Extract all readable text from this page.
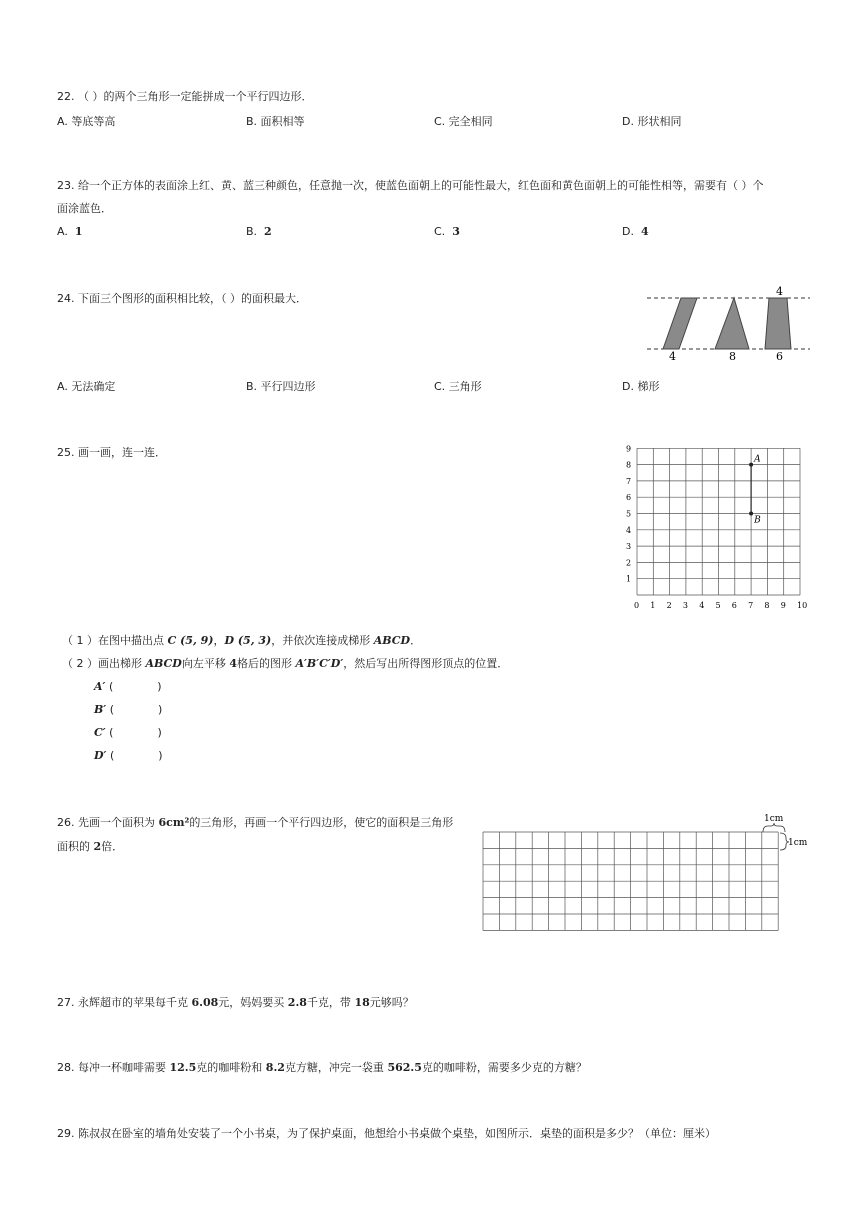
22. （ ）的两个三角形一定能拼成一个平行四边形．
A. 等底等高	B. 面积相等	C. 完全相同	D. 形状相同
23. 给一个正方体的表面涂上红、黄、蓝三种颜色，任意抛一次，使蓝色面朝上的可能性最大，红色面和黄色面朝上的可能性相等，需要有（ ）个
面涂蓝色．
A. 1	B. 2	C. 3	D. 4
24. 下面三个图形的面积相比较，（ ）的面积最大．
4	8
4
6
A. 无法确定	B. 平行四边形	C. 三角形	D. 梯形
25. 画一画，连一连．
0 1 2 3 4 5 6 7 8 9 10
1
2
3
4
5
6
7
8
9
A
B
（ 1 ）在图中描出点 C (5, 9)，D (5, 3)，并依次连接成梯形 ABCD．
（ 2 ）画出梯形 ABCD向左平移 4格后的图形 A′B′C′D′，然后写出所得图形顶点的位置．
A′ (	)
B′ (	)
C′ (	)
D′ (	)
26. 先画一个面积为 6cm²的三角形，再画一个平行四边形，使它的面积是三角形
面积的 2倍．
1cm
1cm
27. 永辉超市的苹果每千克 6.08元，妈妈要买 2.8千克，带 18元够吗？
28. 每冲一杯咖啡需要 12.5克的咖啡粉和 8.2克方糖，冲完一袋重 562.5克的咖啡粉，需要多少克的方糖？
29. 陈叔叔在卧室的墙角处安装了一个小书桌，为了保护桌面，他想给小书桌做个桌垫，如图所示．桌垫的面积是多少？（单位：厘米）
